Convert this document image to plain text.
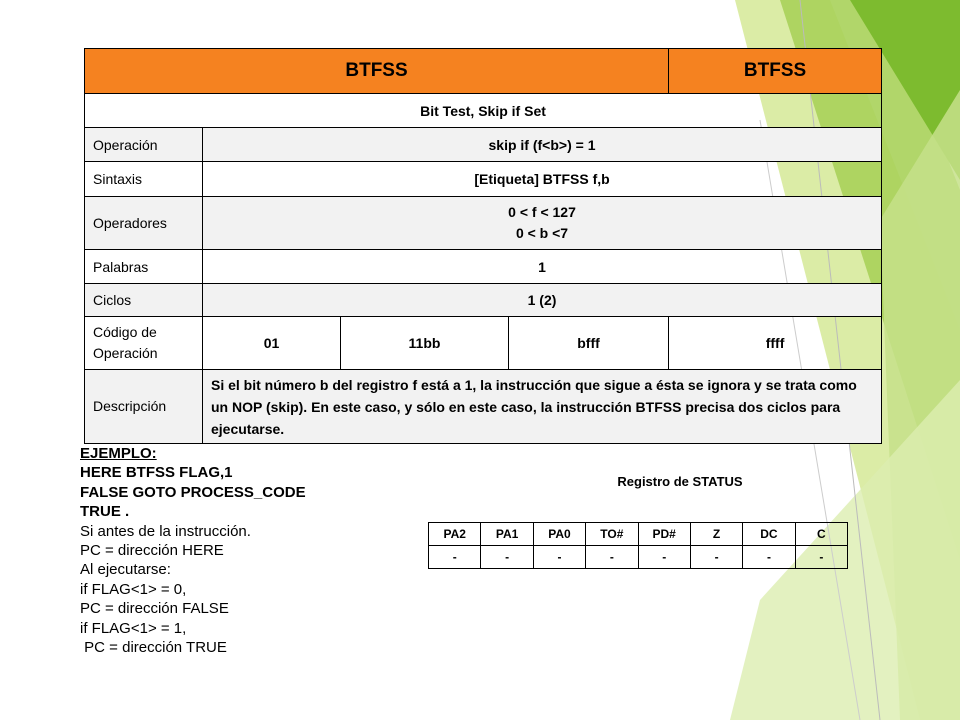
BTFSS				BTFSS
Bit Test, Skip if Set				
Operación	skip if (f<b>) = 1			
Sintaxis	[Etiqueta] BTFSS f,b			
Operadores	0 < f < 127
0 < b <7			

Palabras	1			
Ciclos	1 (2)			
Código de Operación	01	11bb	bfff	ffff
Descripción	Si el bit número b del registro f está a 1, la instrucción que sigue a ésta se ignora y se trata como un NOP (skip). En este caso, y sólo en este caso, la instrucción BTFSS precisa dos ciclos para ejecutarse.			
EJEMPLO:
HERE BTFSS FLAG,1
FALSE GOTO PROCESS_CODE
TRUE .
Si antes de la instrucción.
PC = dirección HERE
Al ejecutarse:
if FLAG<1> = 0,
PC = dirección FALSE
if FLAG<1> = 1,
PC = dirección TRUE
Registro de STATUS
PA2	PA1	PA0	TO#	PD#	Z	DC	C
-	-	-	-	-	-	-	-
